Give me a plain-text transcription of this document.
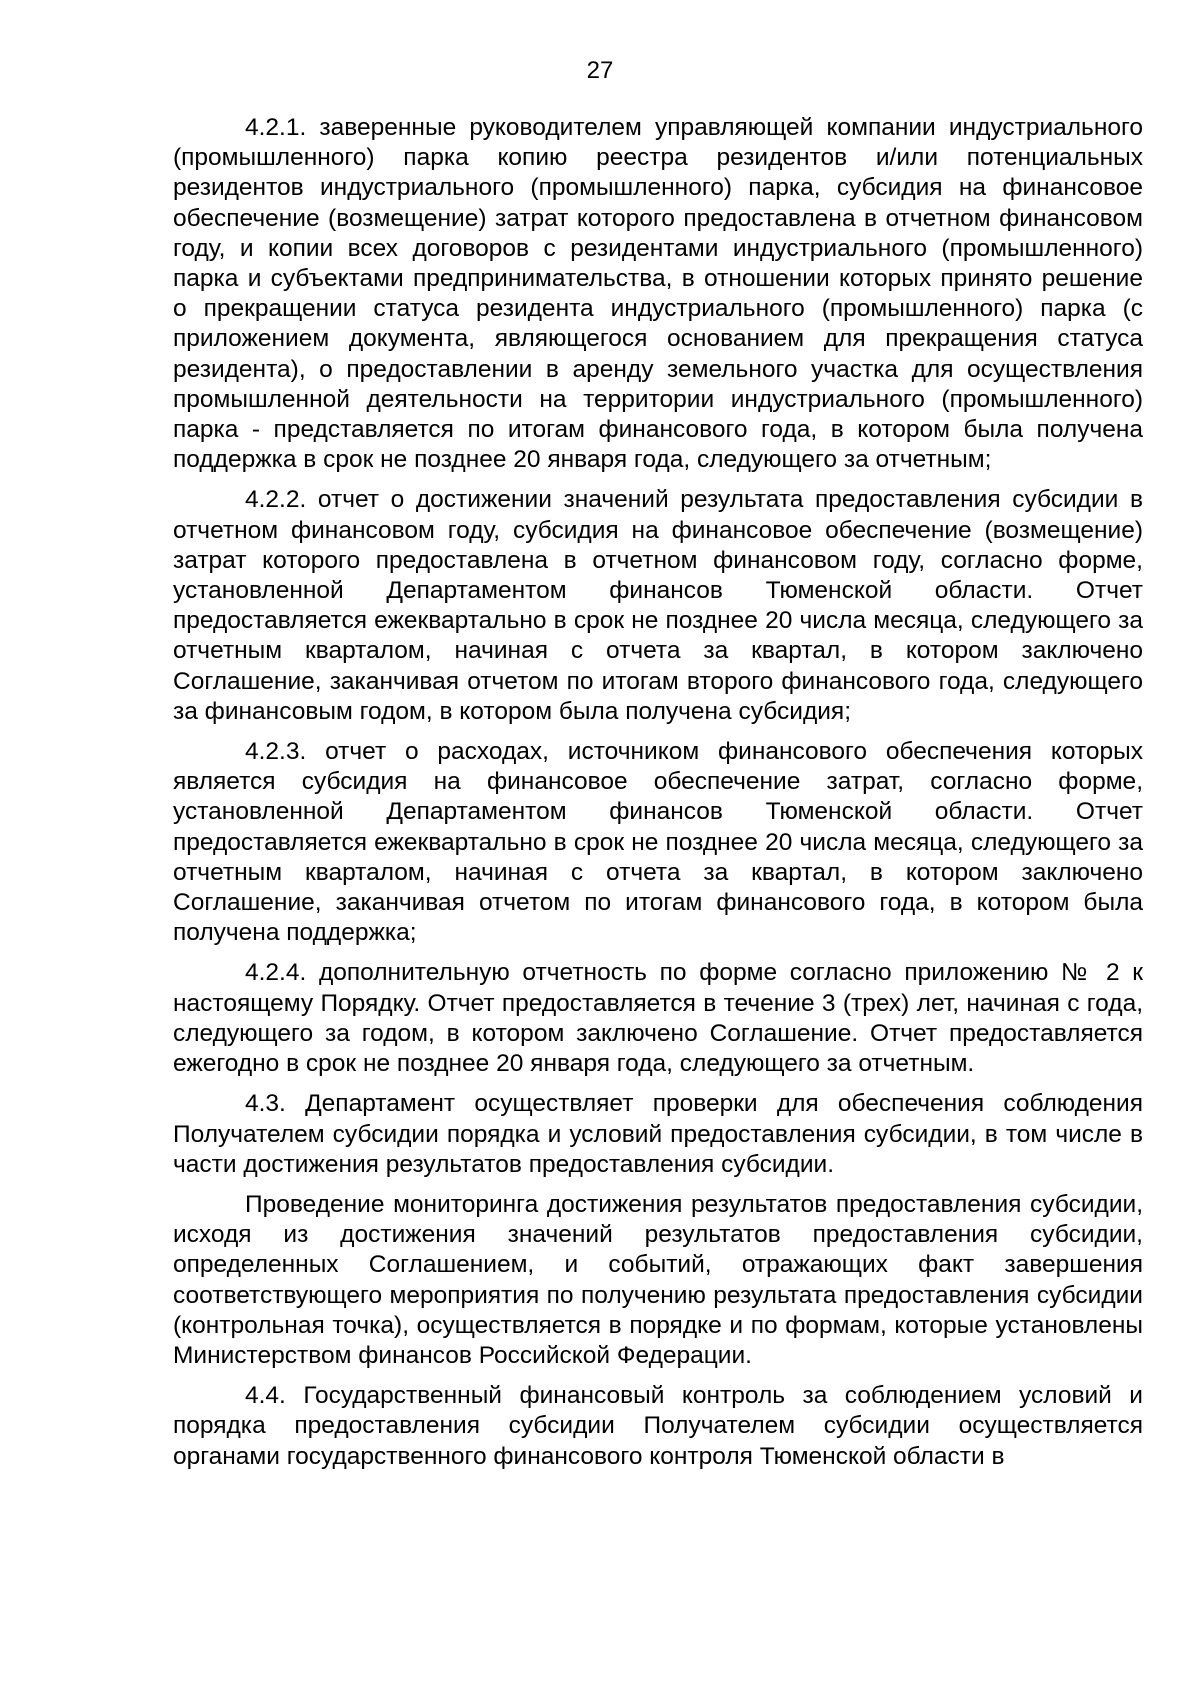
27

4.2.1. заверенные руководителем управляющей компании индустриального (промышленного) парка копию реестра резидентов и/или потенциальных резидентов индустриального (промышленного) парка, субсидия на финансовое обеспечение (возмещение) затрат которого предоставлена в отчетном финансовом году, и копии всех договоров с резидентами индустриального (промышленного) парка и субъектами предпринимательства, в отношении которых принято решение о прекращении статуса резидента индустриального (промышленного) парка (с приложением документа, являющегося основанием для прекращения статуса резидента), о предоставлении в аренду земельного участка для осуществления промышленной деятельности на территории индустриального (промышленного) парка - представляется по итогам финансового года, в котором была получена поддержка в срок не позднее 20 января года, следующего за отчетным;

4.2.2. отчет о достижении значений результата предоставления субсидии в отчетном финансовом году, субсидия на финансовое обеспечение (возмещение) затрат которого предоставлена в отчетном финансовом году, согласно форме, установленной Департаментом финансов Тюменской области. Отчет предоставляется ежеквартально в срок не позднее 20 числа месяца, следующего за отчетным кварталом, начиная с отчета за квартал, в котором заключено Соглашение, заканчивая отчетом по итогам второго финансового года, следующего за финансовым годом, в котором была получена субсидия;

4.2.3. отчет о расходах, источником финансового обеспечения которых является субсидия на финансовое обеспечение затрат, согласно форме, установленной Департаментом финансов Тюменской области. Отчет предоставляется ежеквартально в срок не позднее 20 числа месяца, следующего за отчетным кварталом, начиная с отчета за квартал, в котором заключено Соглашение, заканчивая отчетом по итогам финансового года, в котором была получена поддержка;

4.2.4. дополнительную отчетность по форме согласно приложению № 2 к настоящему Порядку. Отчет предоставляется в течение 3 (трех) лет, начиная с года, следующего за годом, в котором заключено Соглашение. Отчет предоставляется ежегодно в срок не позднее 20 января года, следующего за отчетным.

4.3. Департамент осуществляет проверки для обеспечения соблюдения Получателем субсидии порядка и условий предоставления субсидии, в том числе в части достижения результатов предоставления субсидии.

Проведение мониторинга достижения результатов предоставления субсидии, исходя из достижения значений результатов предоставления субсидии, определенных Соглашением, и событий, отражающих факт завершения соответствующего мероприятия по получению результата предоставления субсидии (контрольная точка), осуществляется в порядке и по формам, которые установлены Министерством финансов Российской Федерации.

4.4. Государственный финансовый контроль за соблюдением условий и порядка предоставления субсидии Получателем субсидии осуществляется органами государственного финансового контроля Тюменской области в
